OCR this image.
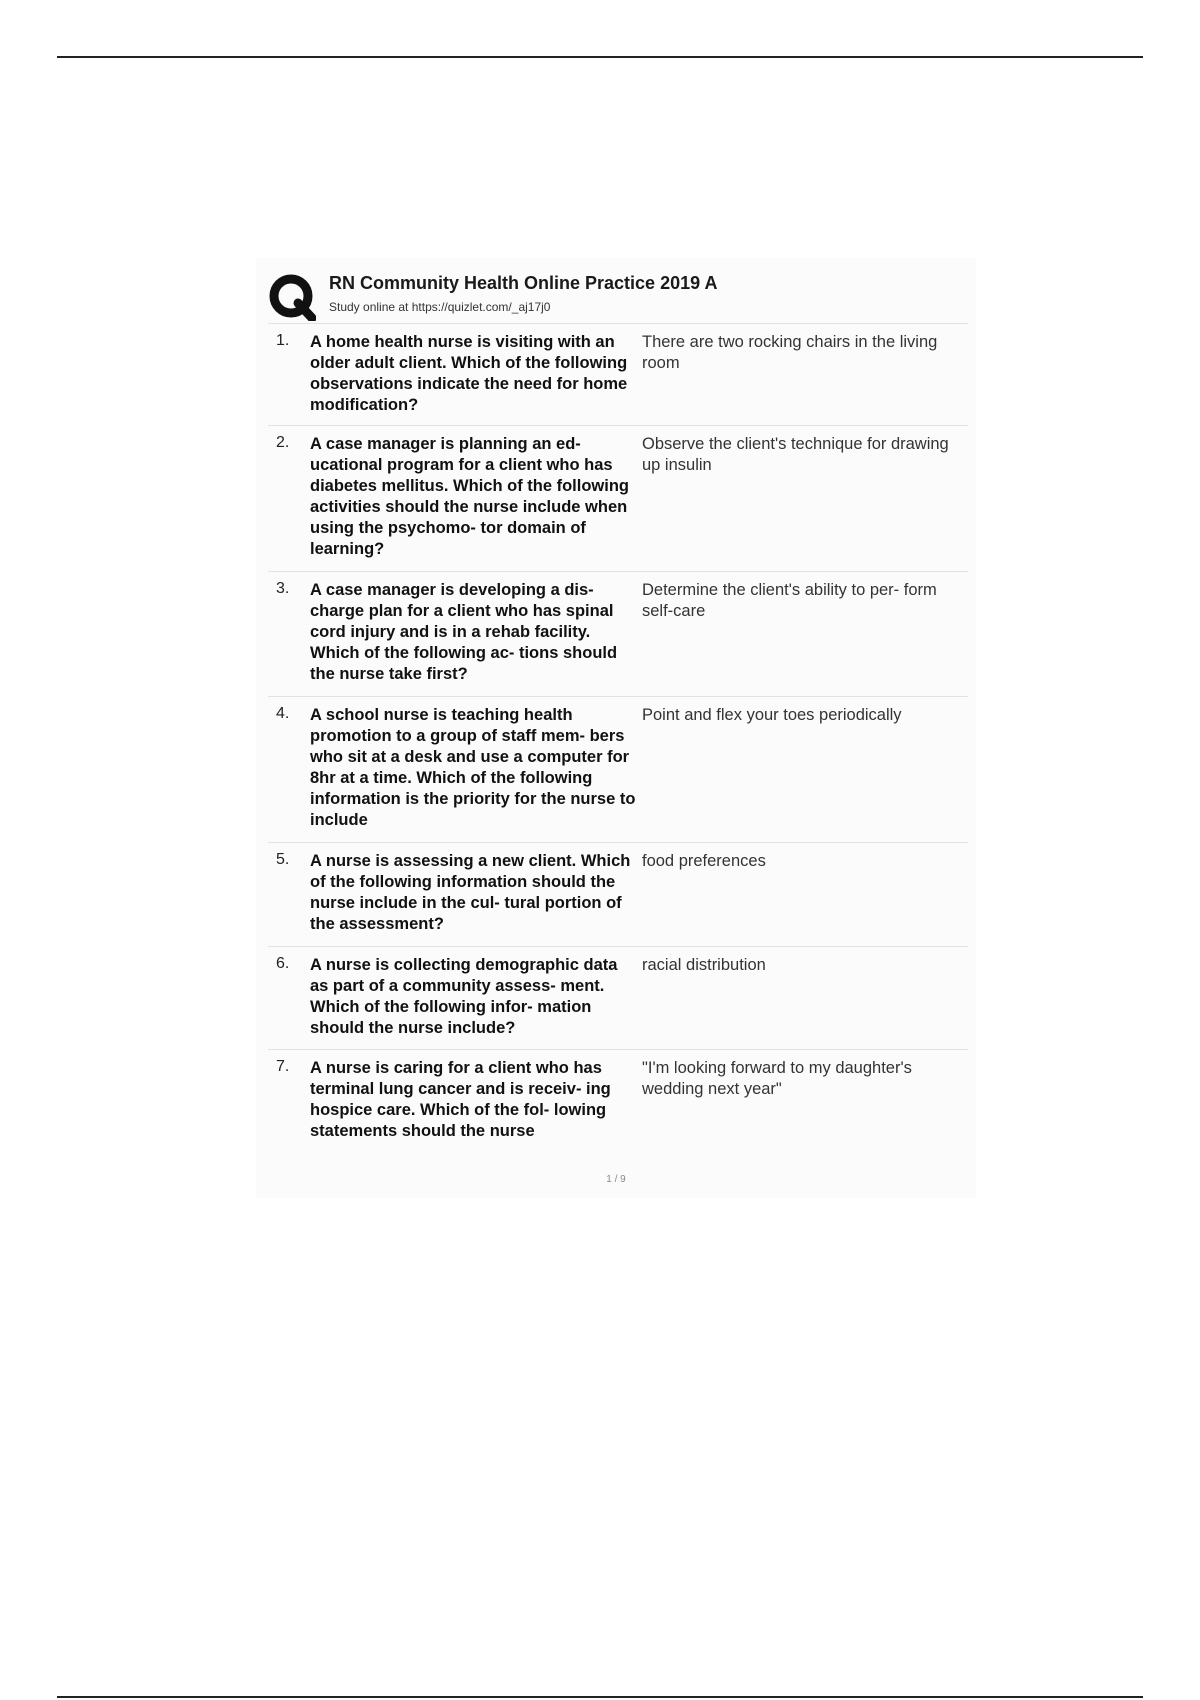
RN Community Health Online Practice 2019 A
Study online at https://quizlet.com/_aj17j0
1.	A home health nurse is visiting with an older adult client. Which of the following observations indicate the need for home modification?
There are two rocking chairs in the living room
2.	A case manager is planning an ed- ucational program for a client who has diabetes mellitus. Which of the following activities should the nurse include when using the psychomo- tor domain of learning?
Observe the client's technique for drawing up insulin
3.	A case manager is developing a dis- charge plan for a client who has spinal cord injury and is in a rehab facility. Which of the following ac- tions should the nurse take first?
Determine the client's ability to per- form self-care
4.	A school nurse is teaching health promotion to a group of staff mem- bers who sit at a desk and use a computer for 8hr at a time. Which of the following information is the priority for the nurse to include
Point and flex your toes periodically
5.	A nurse is assessing a new client. Which of the following information should the nurse include in the cul- tural portion of the assessment?
food preferences
6.	A nurse is collecting demographic data as part of a community assess- ment. Which of the following infor- mation should the nurse include?
racial distribution
7.	A nurse is caring for a client who has terminal lung cancer and is receiv- ing hospice care. Which of the fol- lowing statements should the nurse
"I'm looking forward to my daughter's wedding next year"
1 / 9
